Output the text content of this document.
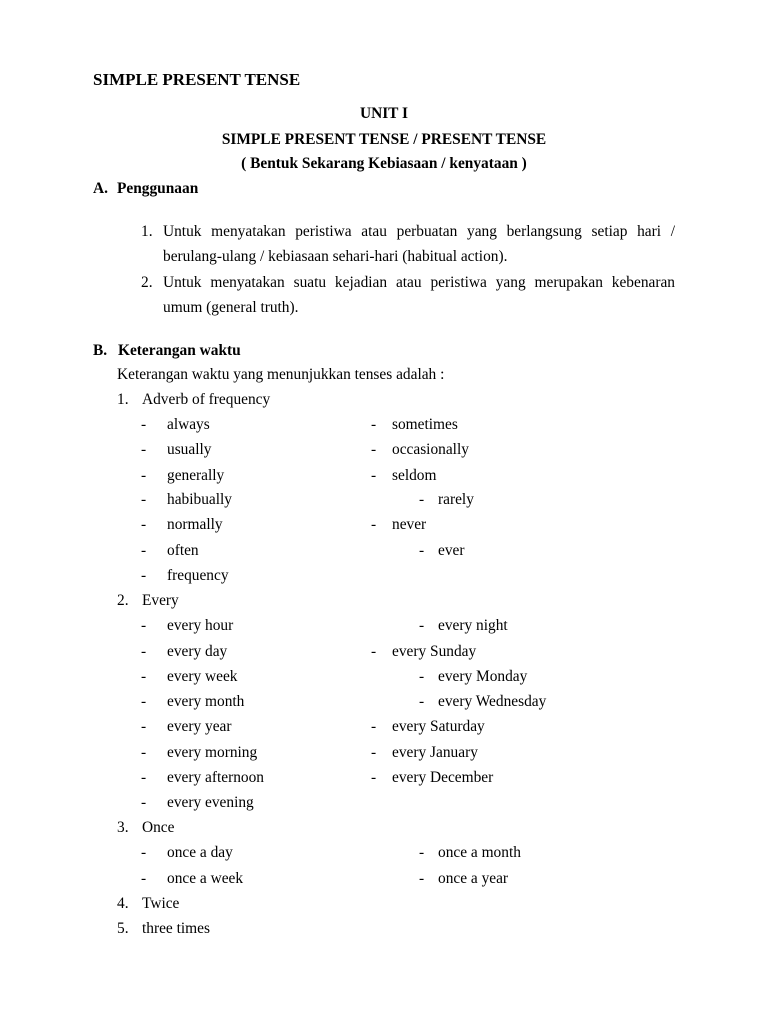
SIMPLE PRESENT TENSE
UNIT I
SIMPLE PRESENT TENSE / PRESENT TENSE
( Bentuk Sekarang Kebiasaan / kenyataan )
A. Penggunaan
1. Untuk menyatakan peristiwa atau perbuatan yang berlangsung setiap hari /
berulang-ulang / kebiasaan sehari-hari (habitual action).
2. Untuk menyatakan suatu kejadian atau peristiwa yang merupakan kebenaran
umum (general truth).
B. Keterangan waktu
Keterangan waktu yang menunjukkan tenses adalah :
1. Adverb of frequency
- always	- sometimes
- usually	- occasionally
- generally	- seldom
- habibually	- rarely
- normally	- never
- often	- ever
- frequency
2. Every
- every hour	- every night
- every day	- every Sunday
- every week	- every Monday
- every month	- every Wednesday
- every year	- every Saturday
- every morning	- every January
- every afternoon	- every December
- every evening
3. Once
- once a day	- once a month
- once a week	- once a year
4. Twice
5. three times
